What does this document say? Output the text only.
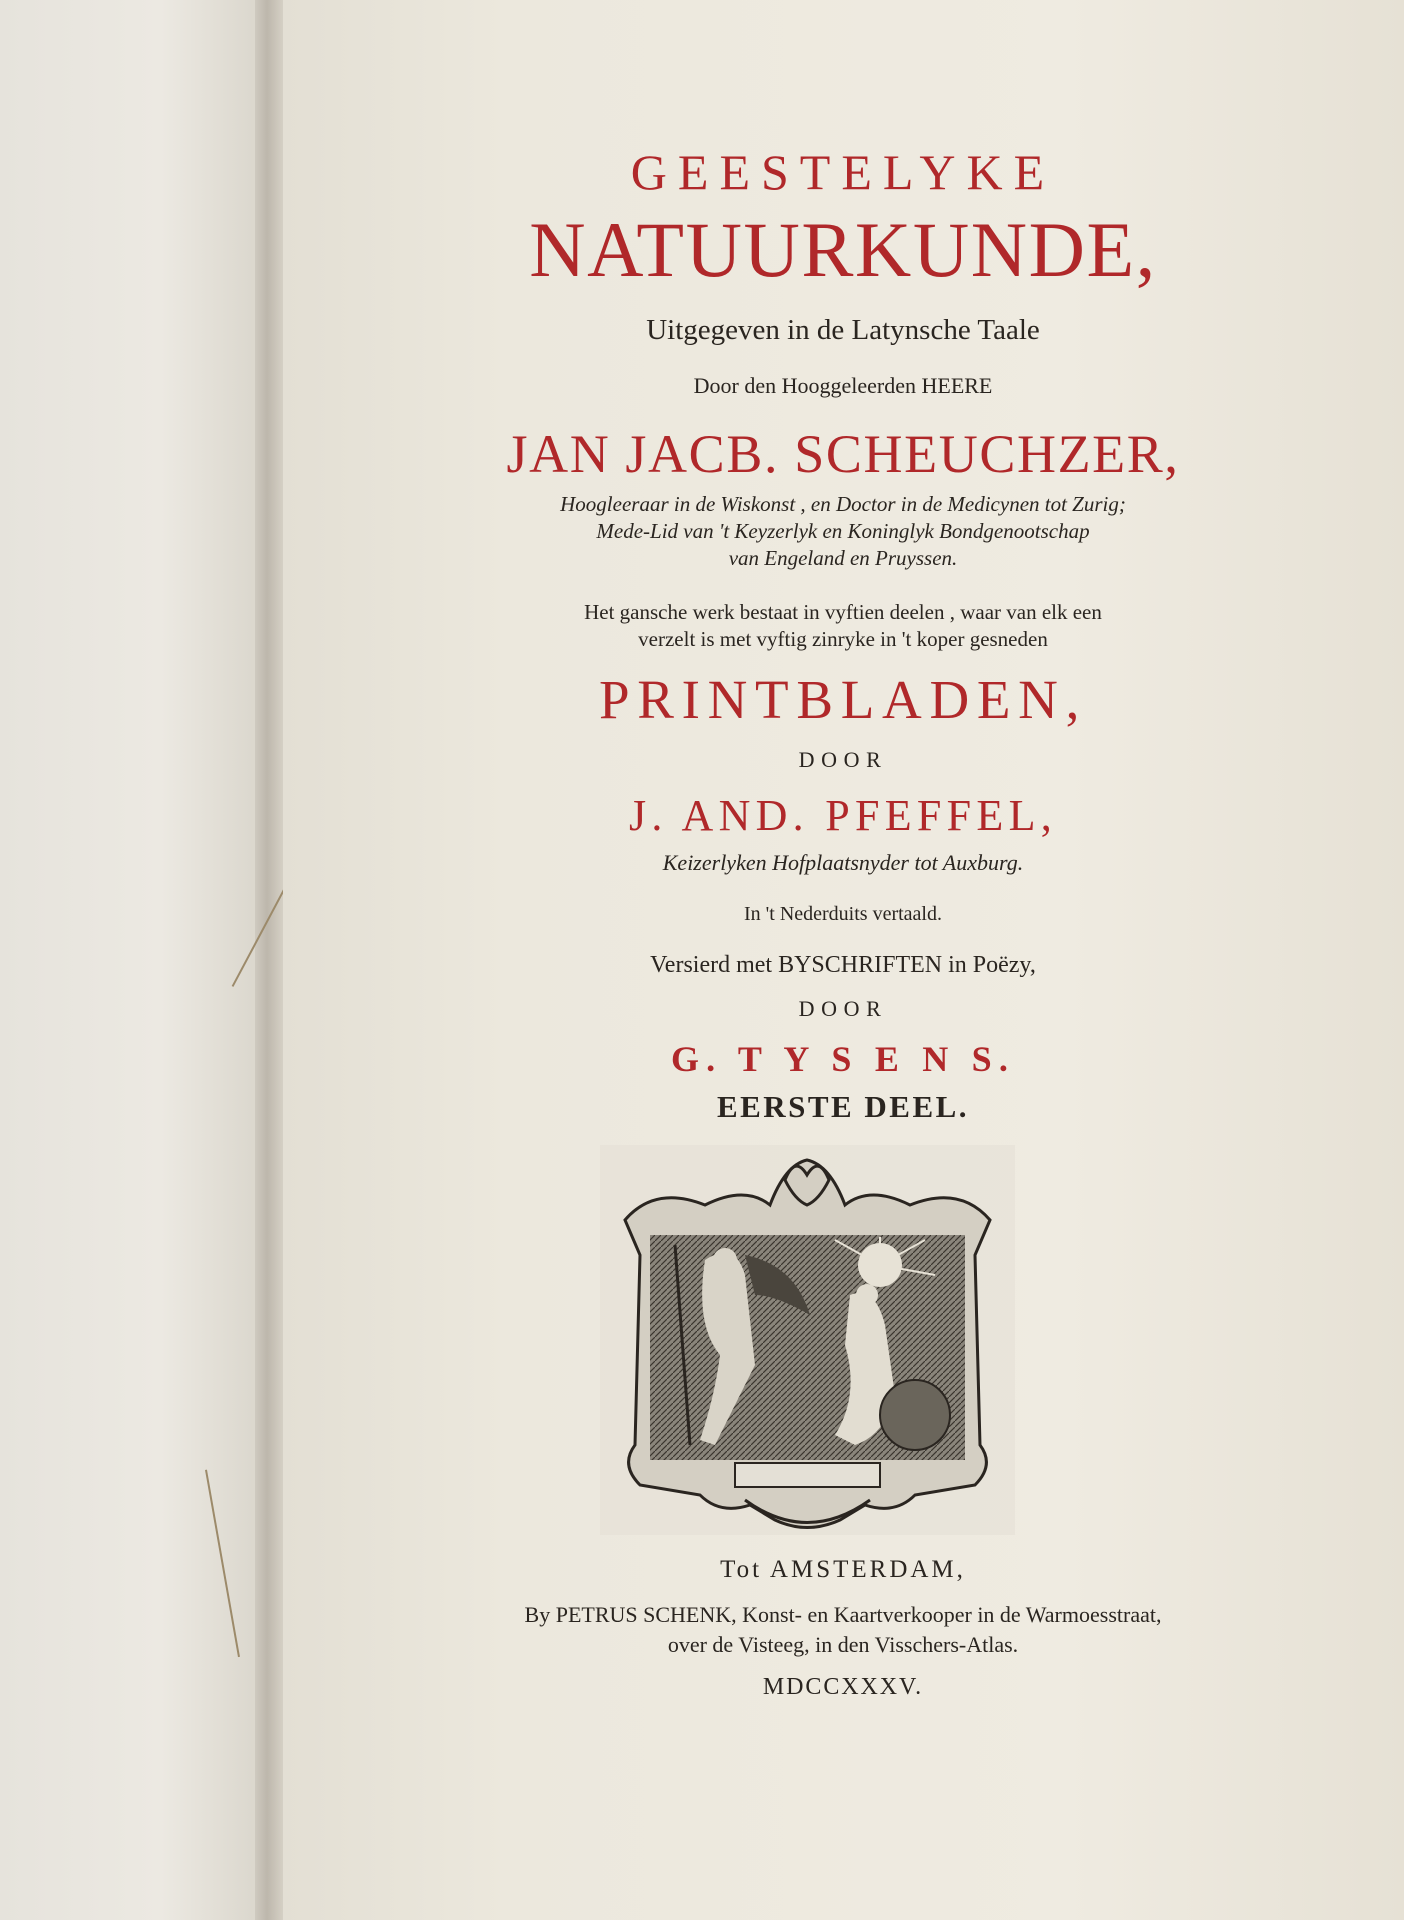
GEESTELYKE
NATUURKUNDE,
Uitgegeven in de Latynsche Taale
Door den Hooggeleerden HEERE
JAN JACB. SCHEUCHZER,
Hoogleeraar in de Wiskonst , en Doctor in de Medicynen tot Zurig;
Mede-Lid van 't Keyzerlyk en Koninglyk Bondgenootschap
van Engeland en Pruyssen.
Het gansche werk bestaat in vyftien deelen , waar van elk een
verzelt is met vyftig zinryke in 't koper gesneden
PRINTBLADEN,
DOOR
J. AND. PFEFFEL,
Keizerlyken Hofplaatsnyder tot Auxburg.
In 't Nederduits vertaald.
Versierd met BYSCHRIFTEN in Poëzy,
DOOR
G. T Y S E N S.
EERSTE DEEL.
Tot AMSTERDAM,
By PETRUS SCHENK, Konst- en Kaartverkooper in de Warmoesstraat,
over de Visteeg, in den Visschers-Atlas.
MDCCXXXV.
